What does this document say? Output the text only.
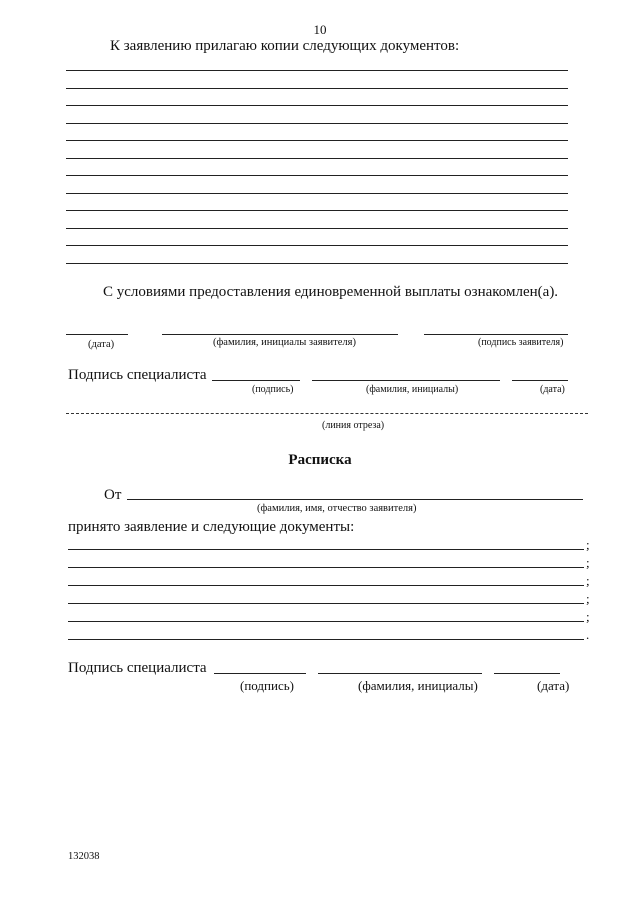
10
К заявлению прилагаю копии следующих документов:
С условиями предоставления единовременной выплаты ознакомлен(а).
(дата)	(фамилия, инициалы заявителя)	(подпись заявителя)
Подпись специалиста
(подпись)	(фамилия, инициалы)	(дата)
(линия отреза)
Расписка
От
(фамилия, имя, отчество заявителя)
принято заявление и следующие документы:
;
;
;
;
;
.
Подпись специалиста
(подпись)	(фамилия, инициалы)	(дата)
132038
